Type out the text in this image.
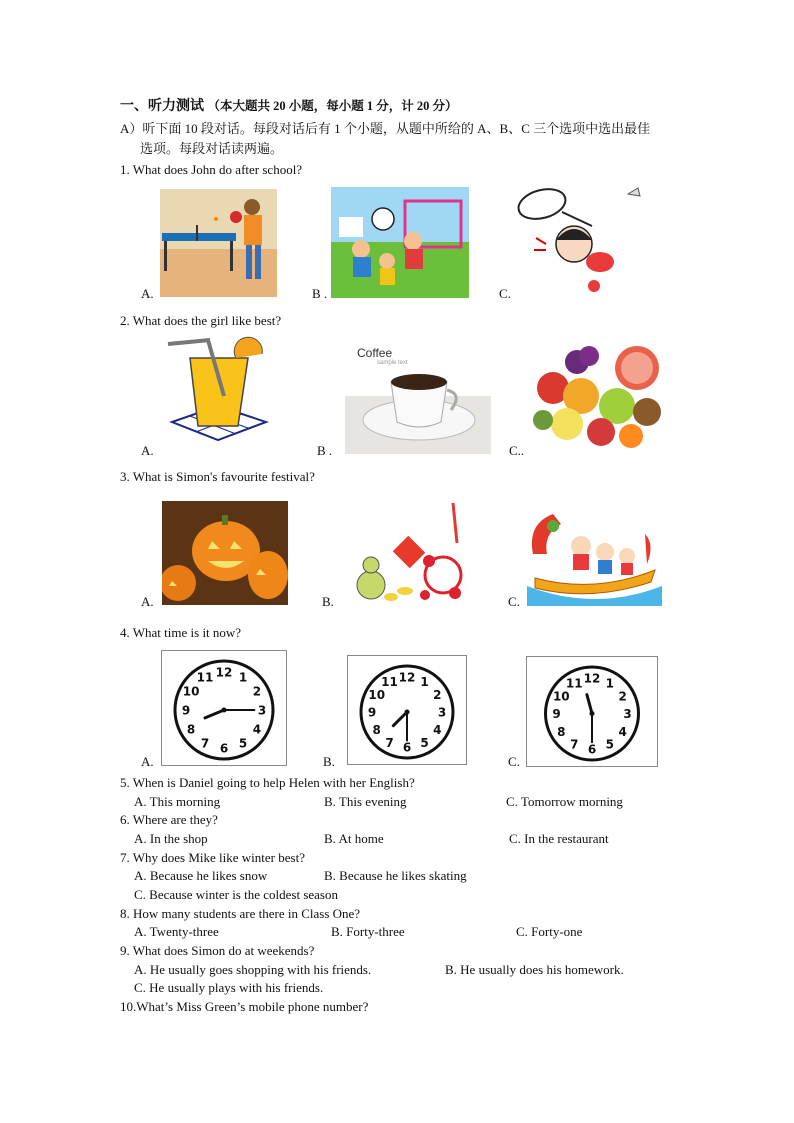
一、听力测试 （本大题共 20 小题，每小题 1 分，计 20 分）
A）听下面 10 段对话。每段对话后有 1 个小题，从题中所给的 A、B、C 三个选项中选出最佳
选项。每段对话读两遍。
1. What does John do after school?
A.	B .	C.
2. What does the girl like best?
A.	B .	C..
Coffee
sample text
3. What is Simon's favourite festival?
A.	B.	C.
4. What time is it now?
A.	B.	C.
12 1
2
3
4
5
6
7
8
9
10
11	12 1
2
3
4
5
6
7
8
9
10
11	12 1
2
3
4
5
6
7
8
9
10
11
5. When is Daniel going to help Helen with her English?
A. This morning	B. This evening	C. Tomorrow morning
6. Where are they?
A. In the shop	B. At home	C. In the restaurant
7. Why does Mike like winter best?
A. Because he likes snow	B. Because he likes skating
C. Because winter is the coldest season
8. How many students are there in Class One?
A. Twenty-three	B. Forty-three	C. Forty-one
9. What does Simon do at weekends?
A. He usually goes shopping with his friends.	B. He usually does his homework.
C. He usually plays with his friends.
10.What’s Miss Green’s mobile phone number?
